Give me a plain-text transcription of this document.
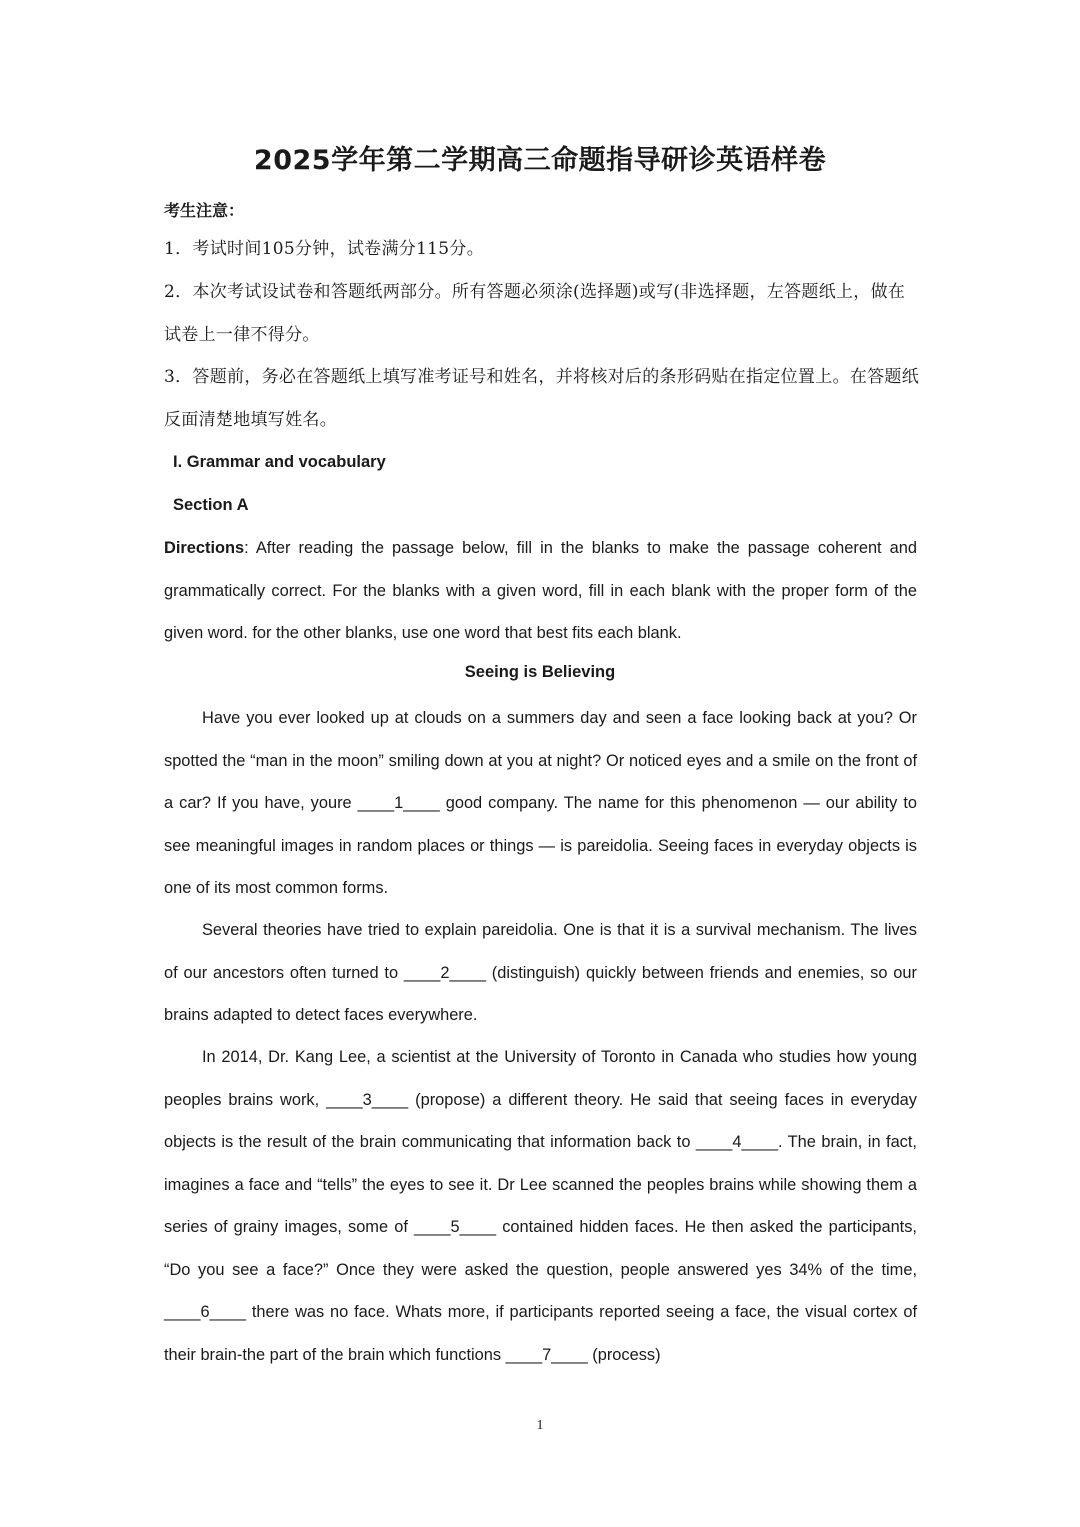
2025学年第二学期高三命题指导研诊英语样卷

考生注意：

1．考试时间105分钟，试卷满分115分。

2．本次考试设试卷和答题纸两部分。所有答题必须涂(选择题)或写(非选择题，左答题纸上，做在试卷上一律不得分。

3．答题前，务必在答题纸上填写准考证号和姓名，并将核对后的条形码贴在指定位置上。在答题纸反面清楚地填写姓名。

I. Grammar and vocabulary

Section A

Directions: After reading the passage below, fill in the blanks to make the passage coherent and grammatically correct. For the blanks with a given word, fill in each blank with the proper form of the given word. for the other blanks, use one word that best fits each blank.

Seeing is Believing

Have you ever looked up at clouds on a summers day and seen a face looking back at you? Or spotted the “man in the moon” smiling down at you at night? Or noticed eyes and a smile on the front of a car? If you have, youre ____1____ good company. The name for this phenomenon — our ability to see meaningful images in random places or things — is pareidolia. Seeing faces in everyday objects is one of its most common forms.

Several theories have tried to explain pareidolia. One is that it is a survival mechanism. The lives of our ancestors often turned to ____2____ (distinguish) quickly between friends and enemies, so our brains adapted to detect faces everywhere.

In 2014, Dr. Kang Lee, a scientist at the University of Toronto in Canada who studies how young peoples brains work, ____3____ (propose) a different theory. He said that seeing faces in everyday objects is the result of the brain communicating that information back to ____4____. The brain, in fact, imagines a face and “tells” the eyes to see it. Dr Lee scanned the peoples brains while showing them a series of grainy images, some of ____5____ contained hidden faces. He then asked the participants, “Do you see a face?” Once they were asked the question, people answered yes 34% of the time, ____6____ there was no face. Whats more, if participants reported seeing a face, the visual cortex of their brain-the part of the brain which functions ____7____ (process)

1
